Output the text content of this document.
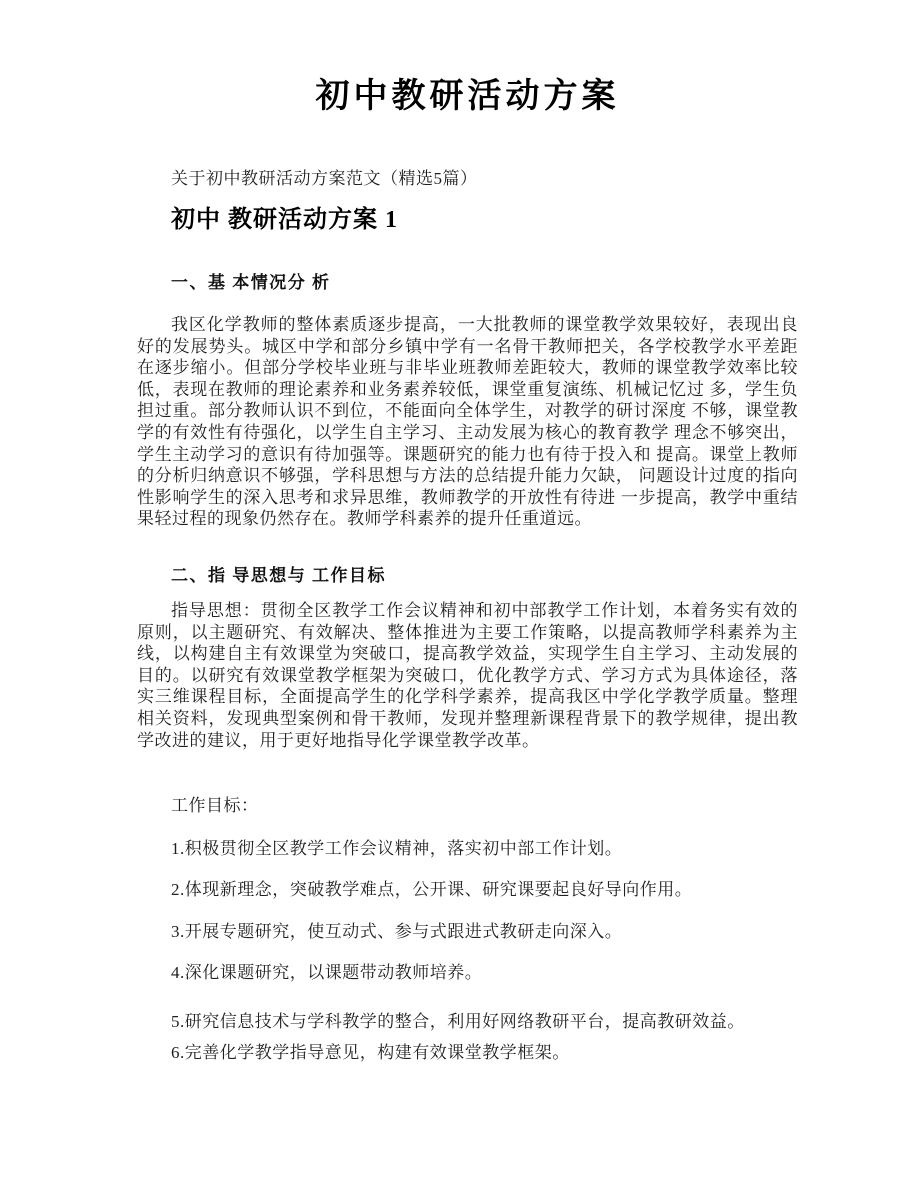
初中教研活动方案

关于初中教研活动方案范文（精选5篇）

初中 教研活动方案 1
一、基 本情况分 析

我区化学教师的整体素质逐步提高，一大批教师的课堂教学效果较好，表现出良好的发展势头。城区中学和部分乡镇中学有一名骨干教师把关，各学校教学水平差距在逐步缩小。但部分学校毕业班与非毕业班教师差距较大，教师的课堂教学效率比较低，表现在教师的理论素养和业务素养较低，课堂重复演练、机械记忆过 多，学生负担过重。部分教师认识不到位，不能面向全体学生，对教学的研讨深度 不够，课堂教学的有效性有待强化，以学生自主学习、主动发展为核心的教育教学 理念不够突出，学生主动学习的意识有待加强等。课题研究的能力也有待于投入和 提高。课堂上教师的分析归纳意识不够强，学科思想与方法的总结提升能力欠缺， 问题设计过度的指向性影响学生的深入思考和求异思维，教师教学的开放性有待进 一步提高，教学中重结果轻过程的现象仍然存在。教师学科素养的提升任重道远。

二、指 导思想与 工作目标

指导思想：贯彻全区教学工作会议精神和初中部教学工作计划，本着务实有效的原则，以主题研究、有效解决、整体推进为主要工作策略，以提高教师学科素养为主线，以构建自主有效课堂为突破口，提高教学效益，实现学生自主学习、主动发展的目的。以研究有效课堂教学框架为突破口，优化教学方式、学习方式为具体途径，落实三维课程目标，全面提高学生的化学科学素养，提高我区中学化学教学质量。整理相关资料，发现典型案例和骨干教师，发现并整理新课程背景下的教学规律，提出教学改进的建议，用于更好地指导化学课堂教学改革。

工作目标：

1.积极贯彻全区教学工作会议精神，落实初中部工作计划。

2.体现新理念，突破教学难点，公开课、研究课要起良好导向作用。

3.开展专题研究，使互动式、参与式跟进式教研走向深入。

4.深化课题研究，以课题带动教师培养。

5.研究信息技术与学科教学的整合，利用好网络教研平台，提高教研效益。

6.完善化学教学指导意见，构建有效课堂教学框架。
